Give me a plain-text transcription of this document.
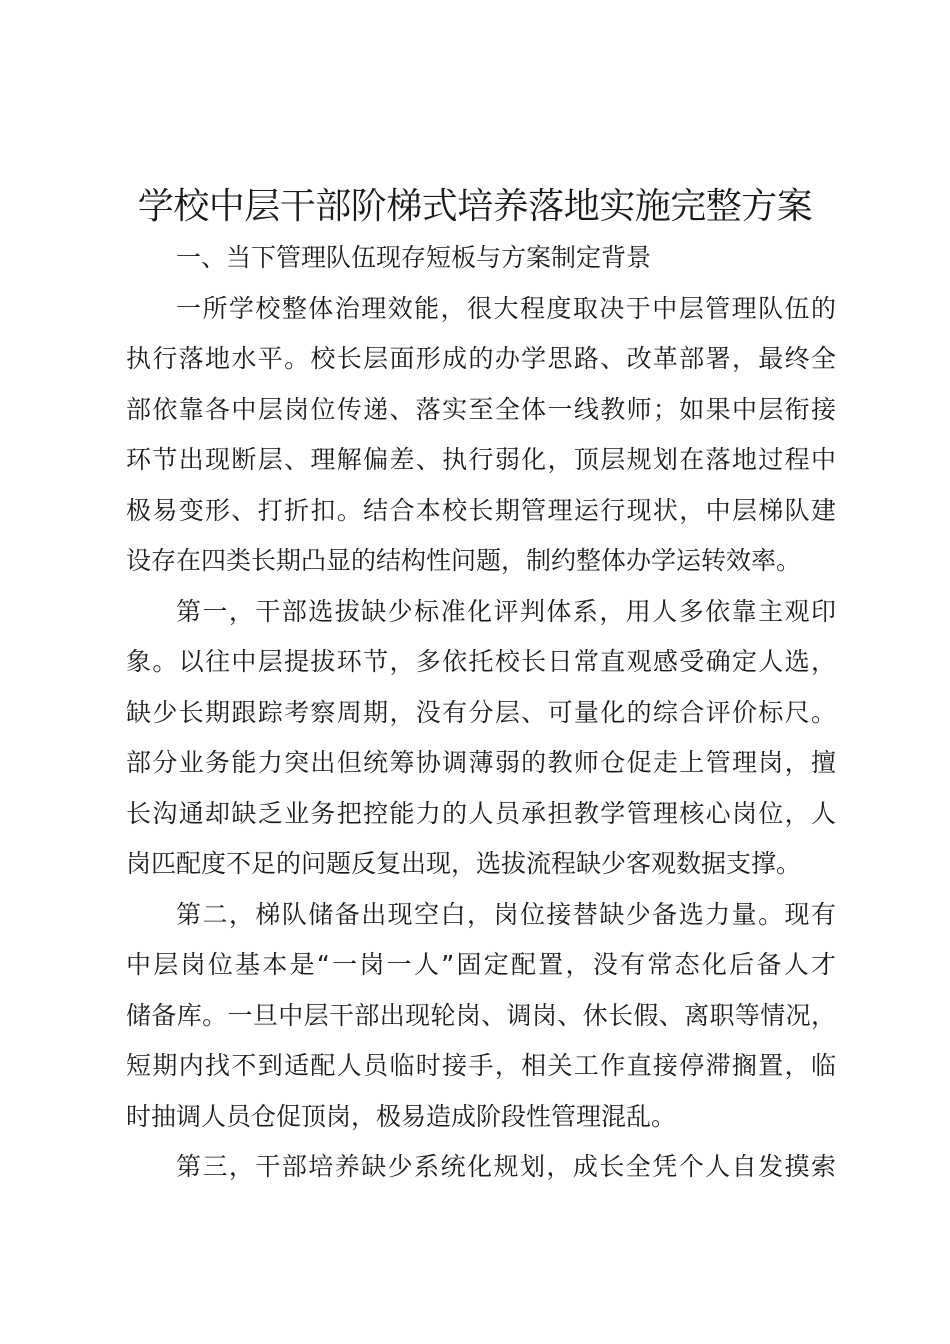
学校中层干部阶梯式培养落地实施完整方案
一、当下管理队伍现存短板与方案制定背景
一所学校整体治理效能，很大程度取决于中层管理队伍的
执行落地水平。校长层面形成的办学思路、改革部署，最终全
部依靠各中层岗位传递、落实至全体一线教师；如果中层衔接
环节出现断层、理解偏差、执行弱化，顶层规划在落地过程中
极易变形、打折扣。结合本校长期管理运行现状，中层梯队建
设存在四类长期凸显的结构性问题，制约整体办学运转效率。
第一，干部选拔缺少标准化评判体系，用人多依靠主观印
象。以往中层提拔环节，多依托校长日常直观感受确定人选，
缺少长期跟踪考察周期，没有分层、可量化的综合评价标尺。
部分业务能力突出但统筹协调薄弱的教师仓促走上管理岗，擅
长沟通却缺乏业务把控能力的人员承担教学管理核心岗位，人
岗匹配度不足的问题反复出现，选拔流程缺少客观数据支撑。
第二，梯队储备出现空白，岗位接替缺少备选力量。现有
中层岗位基本是“一岗一人”固定配置，没有常态化后备人才
储备库。一旦中层干部出现轮岗、调岗、休长假、离职等情况，
短期内找不到适配人员临时接手，相关工作直接停滞搁置，临
时抽调人员仓促顶岗，极易造成阶段性管理混乱。
第三，干部培养缺少系统化规划，成长全凭个人自发摸索
